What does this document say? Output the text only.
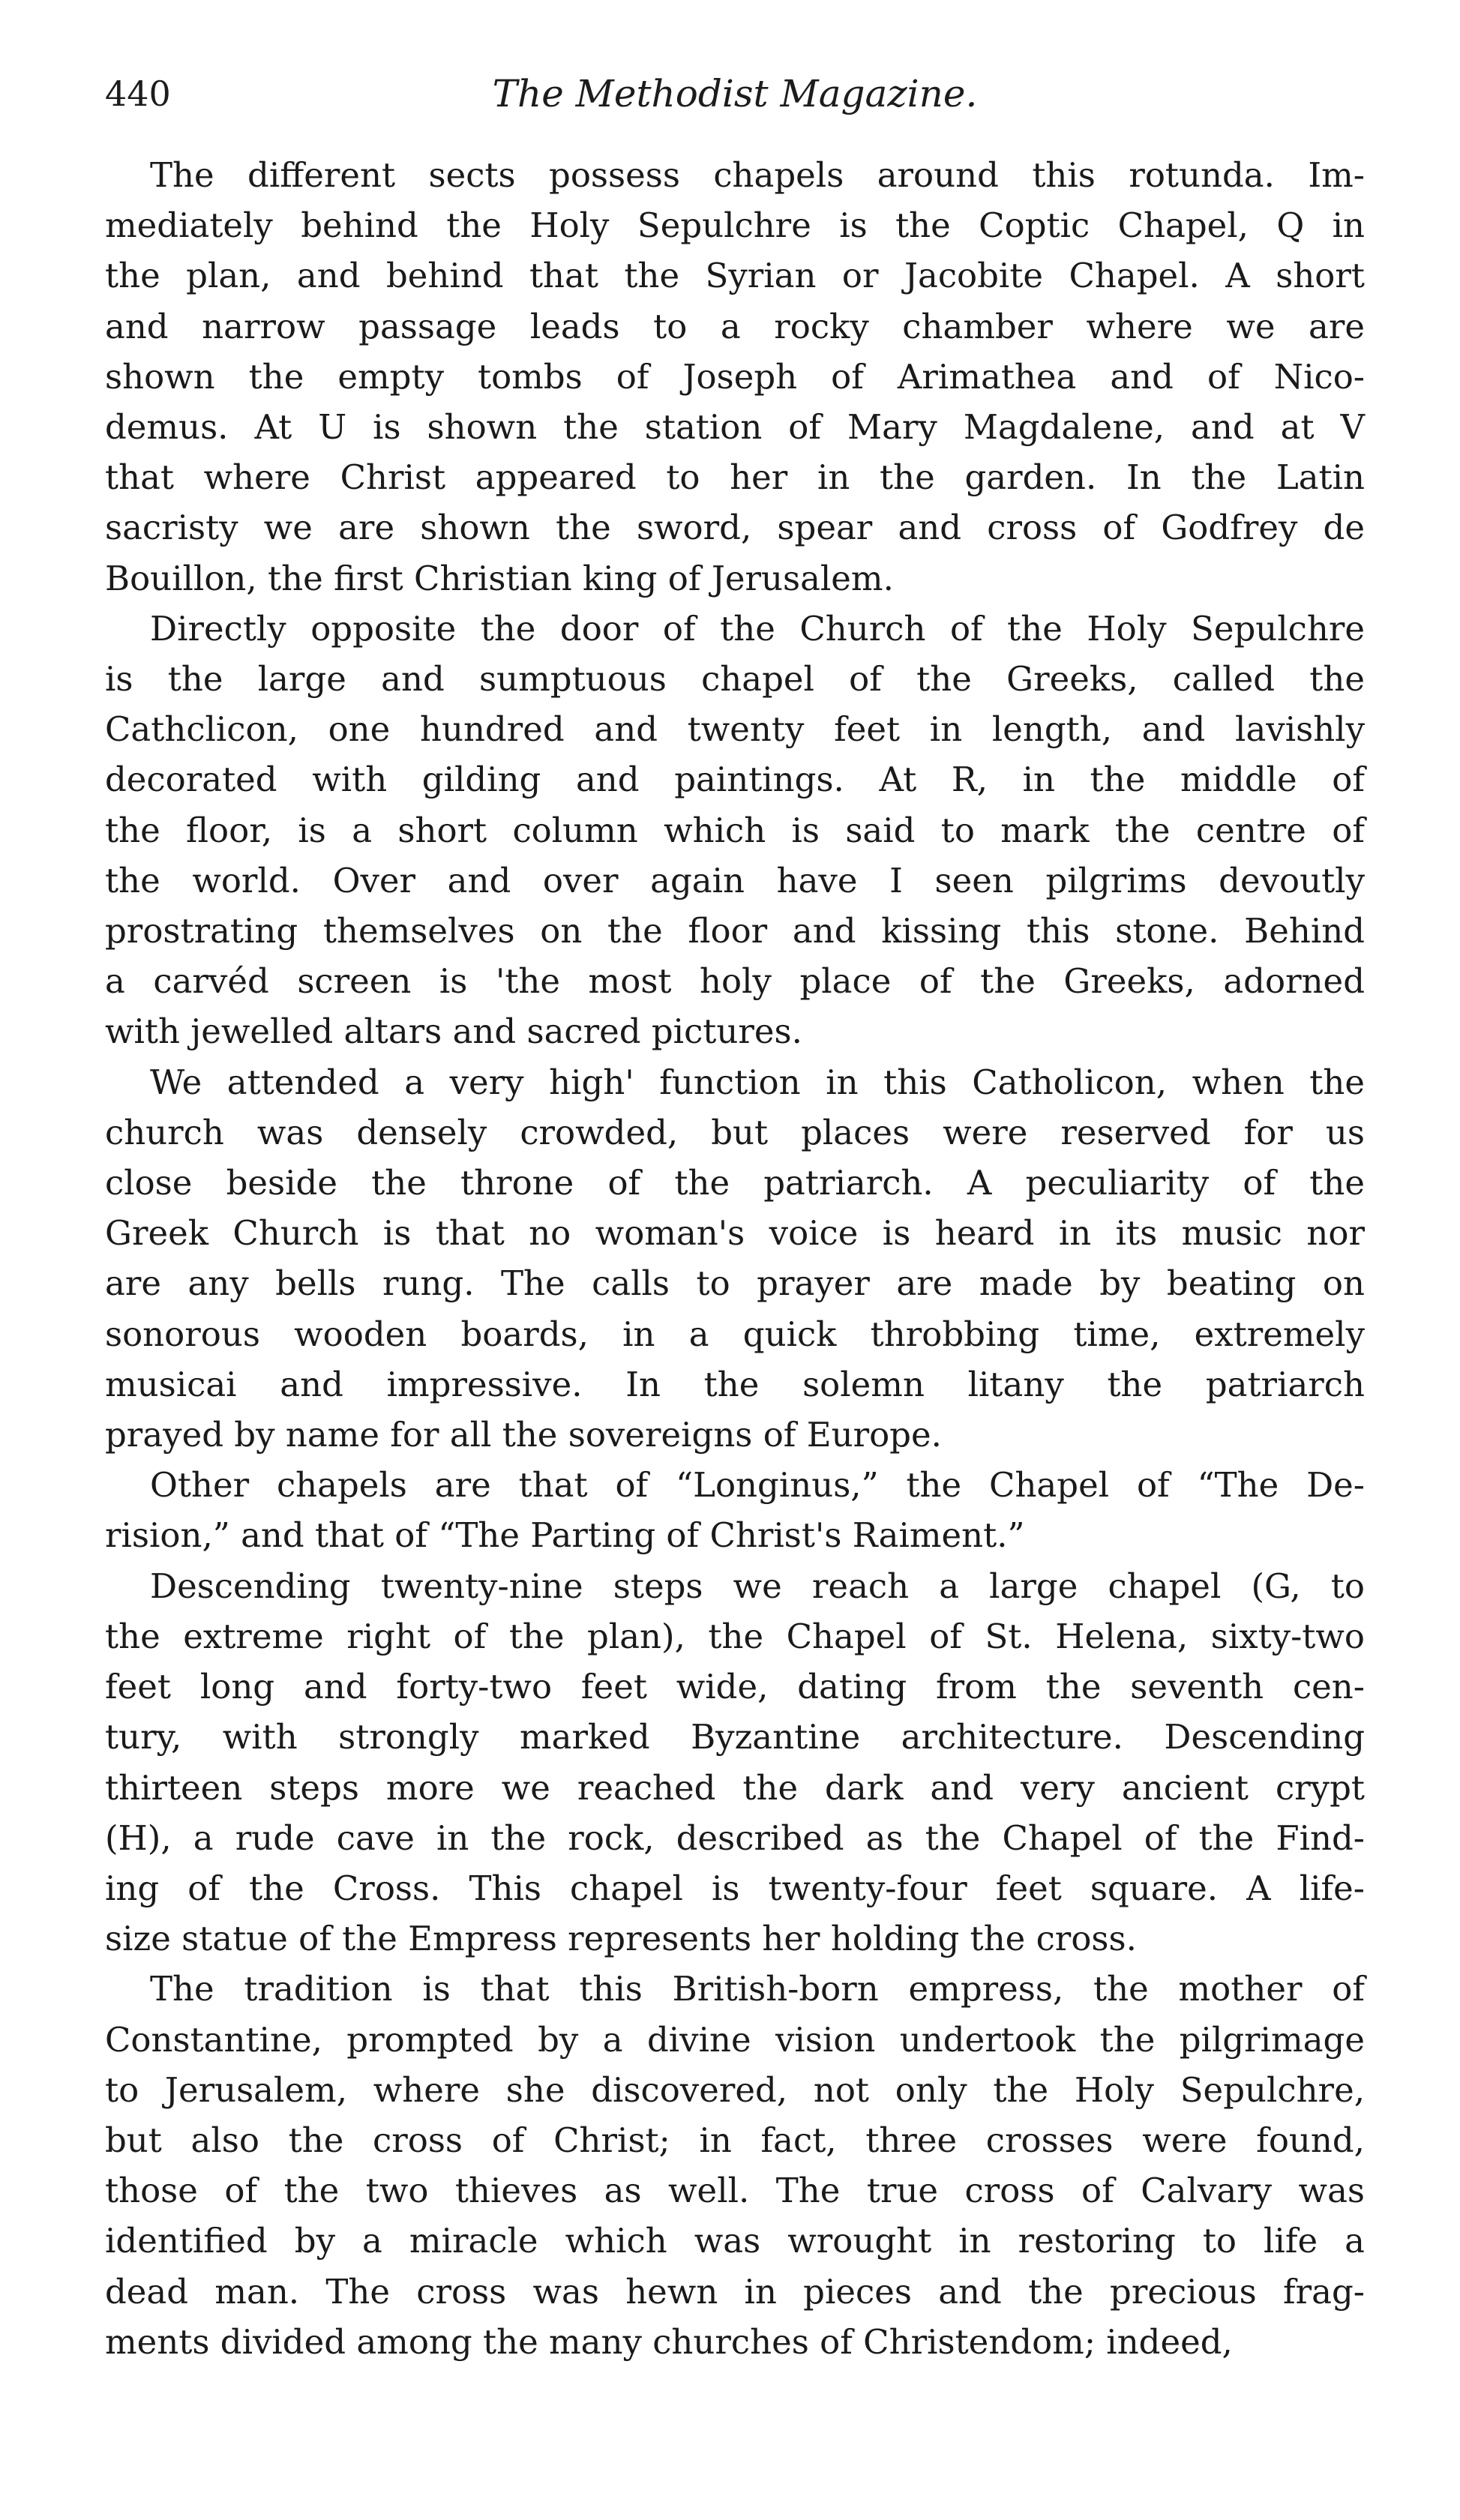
440	The Methodist Magazine.
The different sects possess chapels around this rotunda. Im-
mediately behind the Holy Sepulchre is the Coptic Chapel, Q in
the plan, and behind that the Syrian or Jacobite Chapel. A short
and narrow passage leads to a rocky chamber where we are
shown the empty tombs of Joseph of Arimathea and of Nico-
demus. At U is shown the station of Mary Magdalene, and at V
that where Christ appeared to her in the garden. In the Latin
sacristy we are shown the sword, spear and cross of Godfrey de
Bouillon, the first Christian king of Jerusalem.
Directly opposite the door of the Church of the Holy Sepulchre
is the large and sumptuous chapel of the Greeks, called the
Cathclicon, one hundred and twenty feet in length, and lavishly
decorated with gilding and paintings. At R, in the middle of
the floor, is a short column which is said to mark the centre of
the world. Over and over again have I seen pilgrims devoutly
prostrating themselves on the floor and kissing this stone. Behind
a carvéd screen is 'the most holy place of the Greeks, adorned
with jewelled altars and sacred pictures.
We attended a very high' function in this Catholicon, when the
church was densely crowded, but places were reserved for us
close beside the throne of the patriarch. A peculiarity of the
Greek Church is that no woman's voice is heard in its music nor
are any bells rung. The calls to prayer are made by beating on
sonorous wooden boards, in a quick throbbing time, extremely
musicai and impressive. In the solemn litany the patriarch
prayed by name for all the sovereigns of Europe.
Other chapels are that of “Longinus,” the Chapel of “The De-
rision,” and that of “The Parting of Christ's Raiment.”
Descending twenty-nine steps we reach a large chapel (G, to
the extreme right of the plan), the Chapel of St. Helena, sixty-two
feet long and forty-two feet wide, dating from the seventh cen-
tury, with strongly marked Byzantine architecture. Descending
thirteen steps more we reached the dark and very ancient crypt
(H), a rude cave in the rock, described as the Chapel of the Find-
ing of the Cross. This chapel is twenty-four feet square. A life-
size statue of the Empress represents her holding the cross.
The tradition is that this British-born empress, the mother of
Constantine, prompted by a divine vision undertook the pilgrimage
to Jerusalem, where she discovered, not only the Holy Sepulchre,
but also the cross of Christ; in fact, three crosses were found,
those of the two thieves as well. The true cross of Calvary was
identified by a miracle which was wrought in restoring to life a
dead man. The cross was hewn in pieces and the precious frag-
ments divided among the many churches of Christendom; indeed,
